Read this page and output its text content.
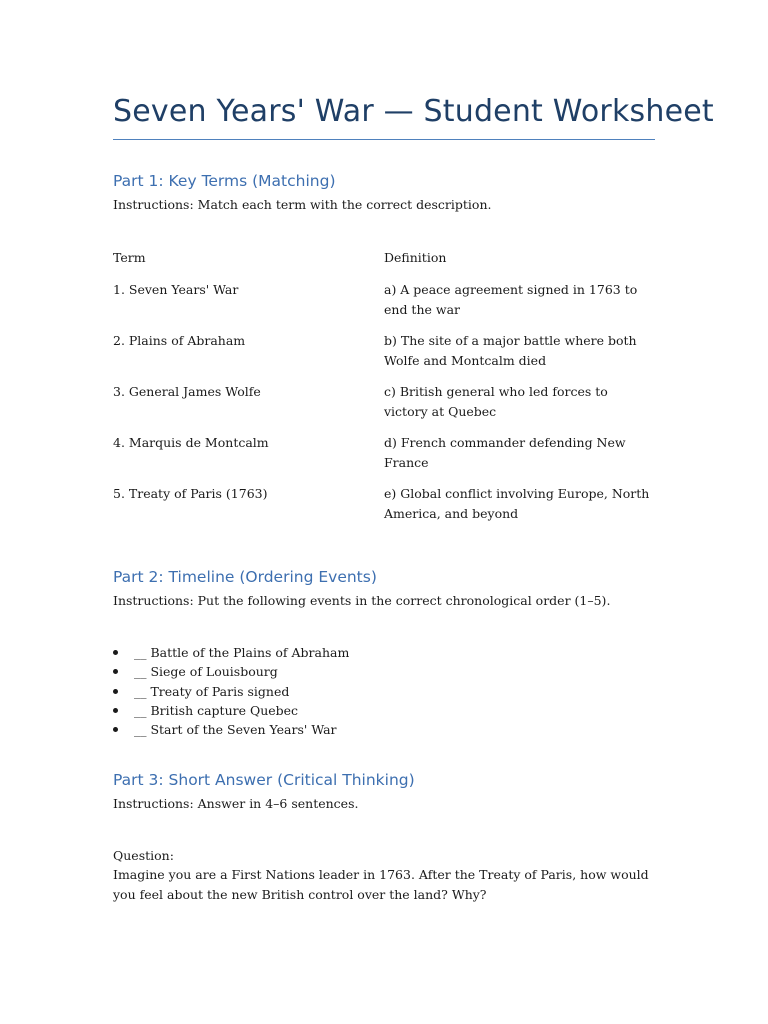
Seven Years' War — Student Worksheet
Part 1: Key Terms (Matching)
Instructions: Match each term with the correct description.
Term	Definition
1. Seven Years' War	a) A peace agreement signed in 1763 to end the war
2. Plains of Abraham	b) The site of a major battle where both Wolfe and Montcalm died
3. General James Wolfe	c) British general who led forces to victory at Quebec
4. Marquis de Montcalm	d) French commander defending New France
5. Treaty of Paris (1763)	e) Global conflict involving Europe, North America, and beyond
Part 2: Timeline (Ordering Events)
Instructions: Put the following events in the correct chronological order (1–5).
__ Battle of the Plains of Abraham
__ Siege of Louisbourg
__ Treaty of Paris signed
__ British capture Quebec
__ Start of the Seven Years' War
Part 3: Short Answer (Critical Thinking)
Instructions: Answer in 4–6 sentences.
Question:
Imagine you are a First Nations leader in 1763. After the Treaty of Paris, how would you feel about the new British control over the land? Why?
